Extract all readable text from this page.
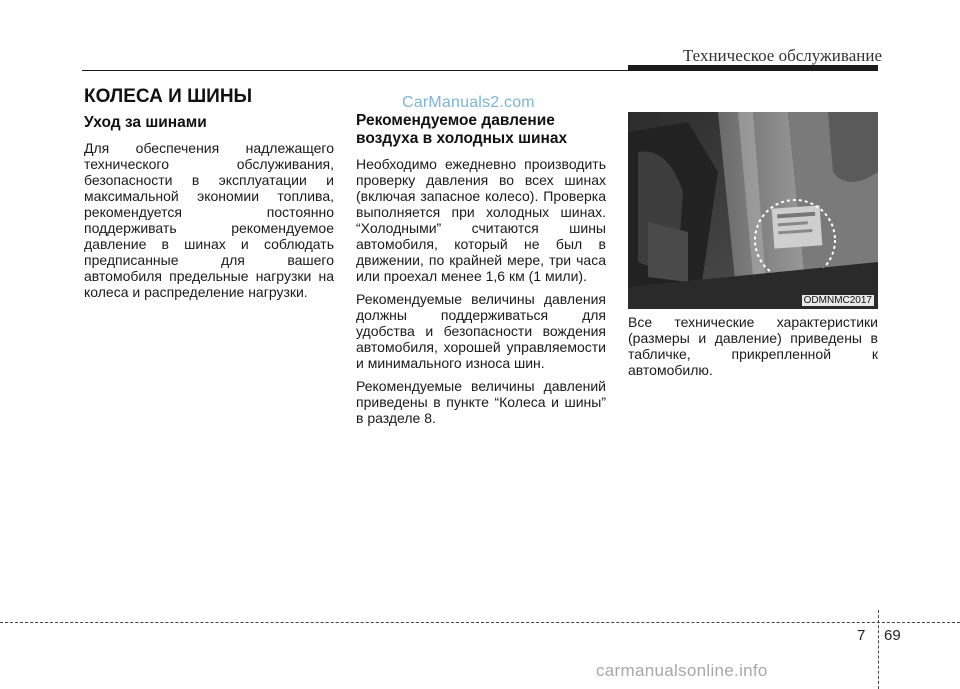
Техническое обслуживание
КОЛЕСА И ШИНЫ	CarManuals2.com
Уход за шинами

Для обеспечения надлежащего технического обслуживания, безопасности в эксплуатации и максимальной экономии топлива, рекомендуется постоянно поддерживать рекомендуемое давление в шинах и соблюдать предписанные для вашего автомобиля предельные нагрузки на колеса и распределение нагрузки.

Рекомендуемое давление воздуха в холодных шинах

Необходимо ежедневно производить проверку давления во всех шинах (включая запасное колесо). Проверка выполняется при холодных шинах. “Холодными” считаются шины автомобиля, который не был в движении, по крайней мере, три часа или проехал менее 1,6 км (1 мили).

Рекомендуемые величины давления должны поддерживаться для удобства и безопасности вождения автомобиля, хорошей управляемости и минимального износа шин.

Рекомендуемые величины давлений приведены в пункте “Колеса и шины” в разделе 8.

ODMNMC2017

Все технические характеристики (размеры и давление) приведены в табличке, прикрепленной к автомобилю.

7 69
carmanualsonline.info
